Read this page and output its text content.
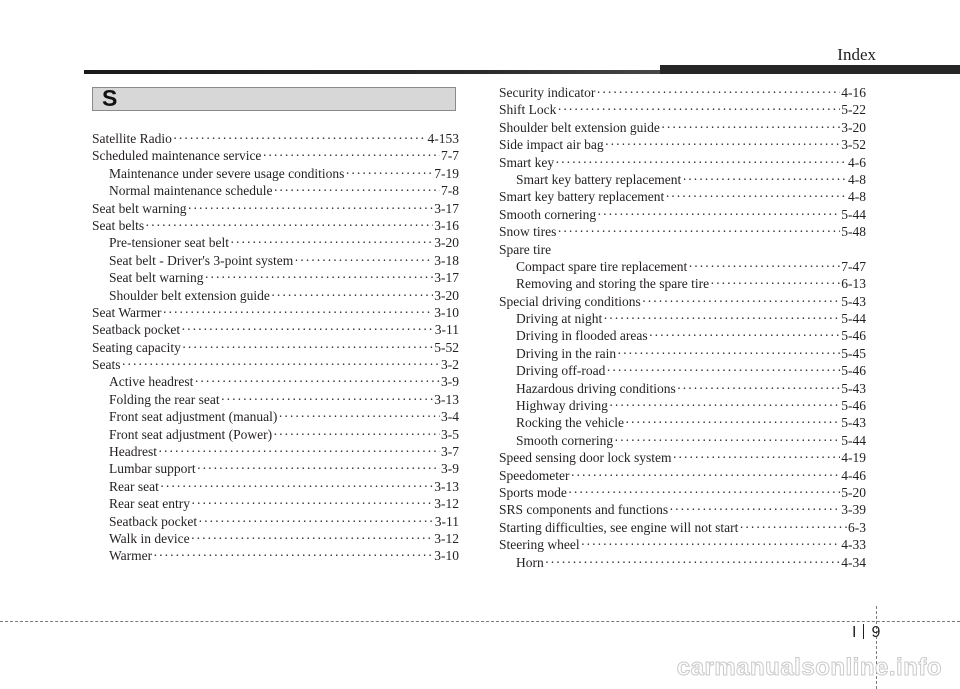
Index
S
Satellite Radio ·····	4-153
Scheduled maintenance service ·····	7-7
Maintenance under severe usage conditions ·····	7-19
Normal maintenance schedule ·····	7-8
Seat belt warning ·····	3-17
Seat belts ·····	3-16
Pre-tensioner seat belt ·····	3-20
Seat belt - Driver's 3-point system ·····	3-18
Seat belt warning ·····	3-17
Shoulder belt extension guide ·····	3-20
Seat Warmer ·····	3-10
Seatback pocket ·····	3-11
Seating capacity ·····	5-52
Seats ·····	3-2
Active headrest ·····	3-9
Folding the rear seat ·····	3-13
Front seat adjustment (manual) ·····	3-4
Front seat adjustment (Power) ·····	3-5
Headrest ·····	3-7
Lumbar support ·····	3-9
Rear seat ·····	3-13
Rear seat entry ·····	3-12
Seatback pocket ·····	3-11
Walk in device ·····	3-12
Warmer ·····	3-10
Security indicator ·····	4-16
Shift Lock ·····	5-22
Shoulder belt extension guide ·····	3-20
Side impact air bag ·····	3-52
Smart key ·····	4-6
Smart key battery replacement ·····	4-8
Smart key battery replacement ·····	4-8
Smooth cornering ·····	5-44
Snow tires ·····	5-48
Spare tire
Compact spare tire replacement ·····	7-47
Removing and storing the spare tire ·····	6-13
Special driving conditions ·····	5-43
Driving at night ·····	5-44
Driving in flooded areas ·····	5-46
Driving in the rain ·····	5-45
Driving off-road ·····	5-46
Hazardous driving conditions ·····	5-43
Highway driving ·····	5-46
Rocking the vehicle ·····	5-43
Smooth cornering ·····	5-44
Speed sensing door lock system ·····	4-19
Speedometer ·····	4-46
Sports mode ·····	5-20
SRS components and functions ·····	3-39
Starting difficulties, see engine will not start ·····	6-3
Steering wheel ·····	4-33
Horn ·····	4-34
I 9
carmanualsonline.info
